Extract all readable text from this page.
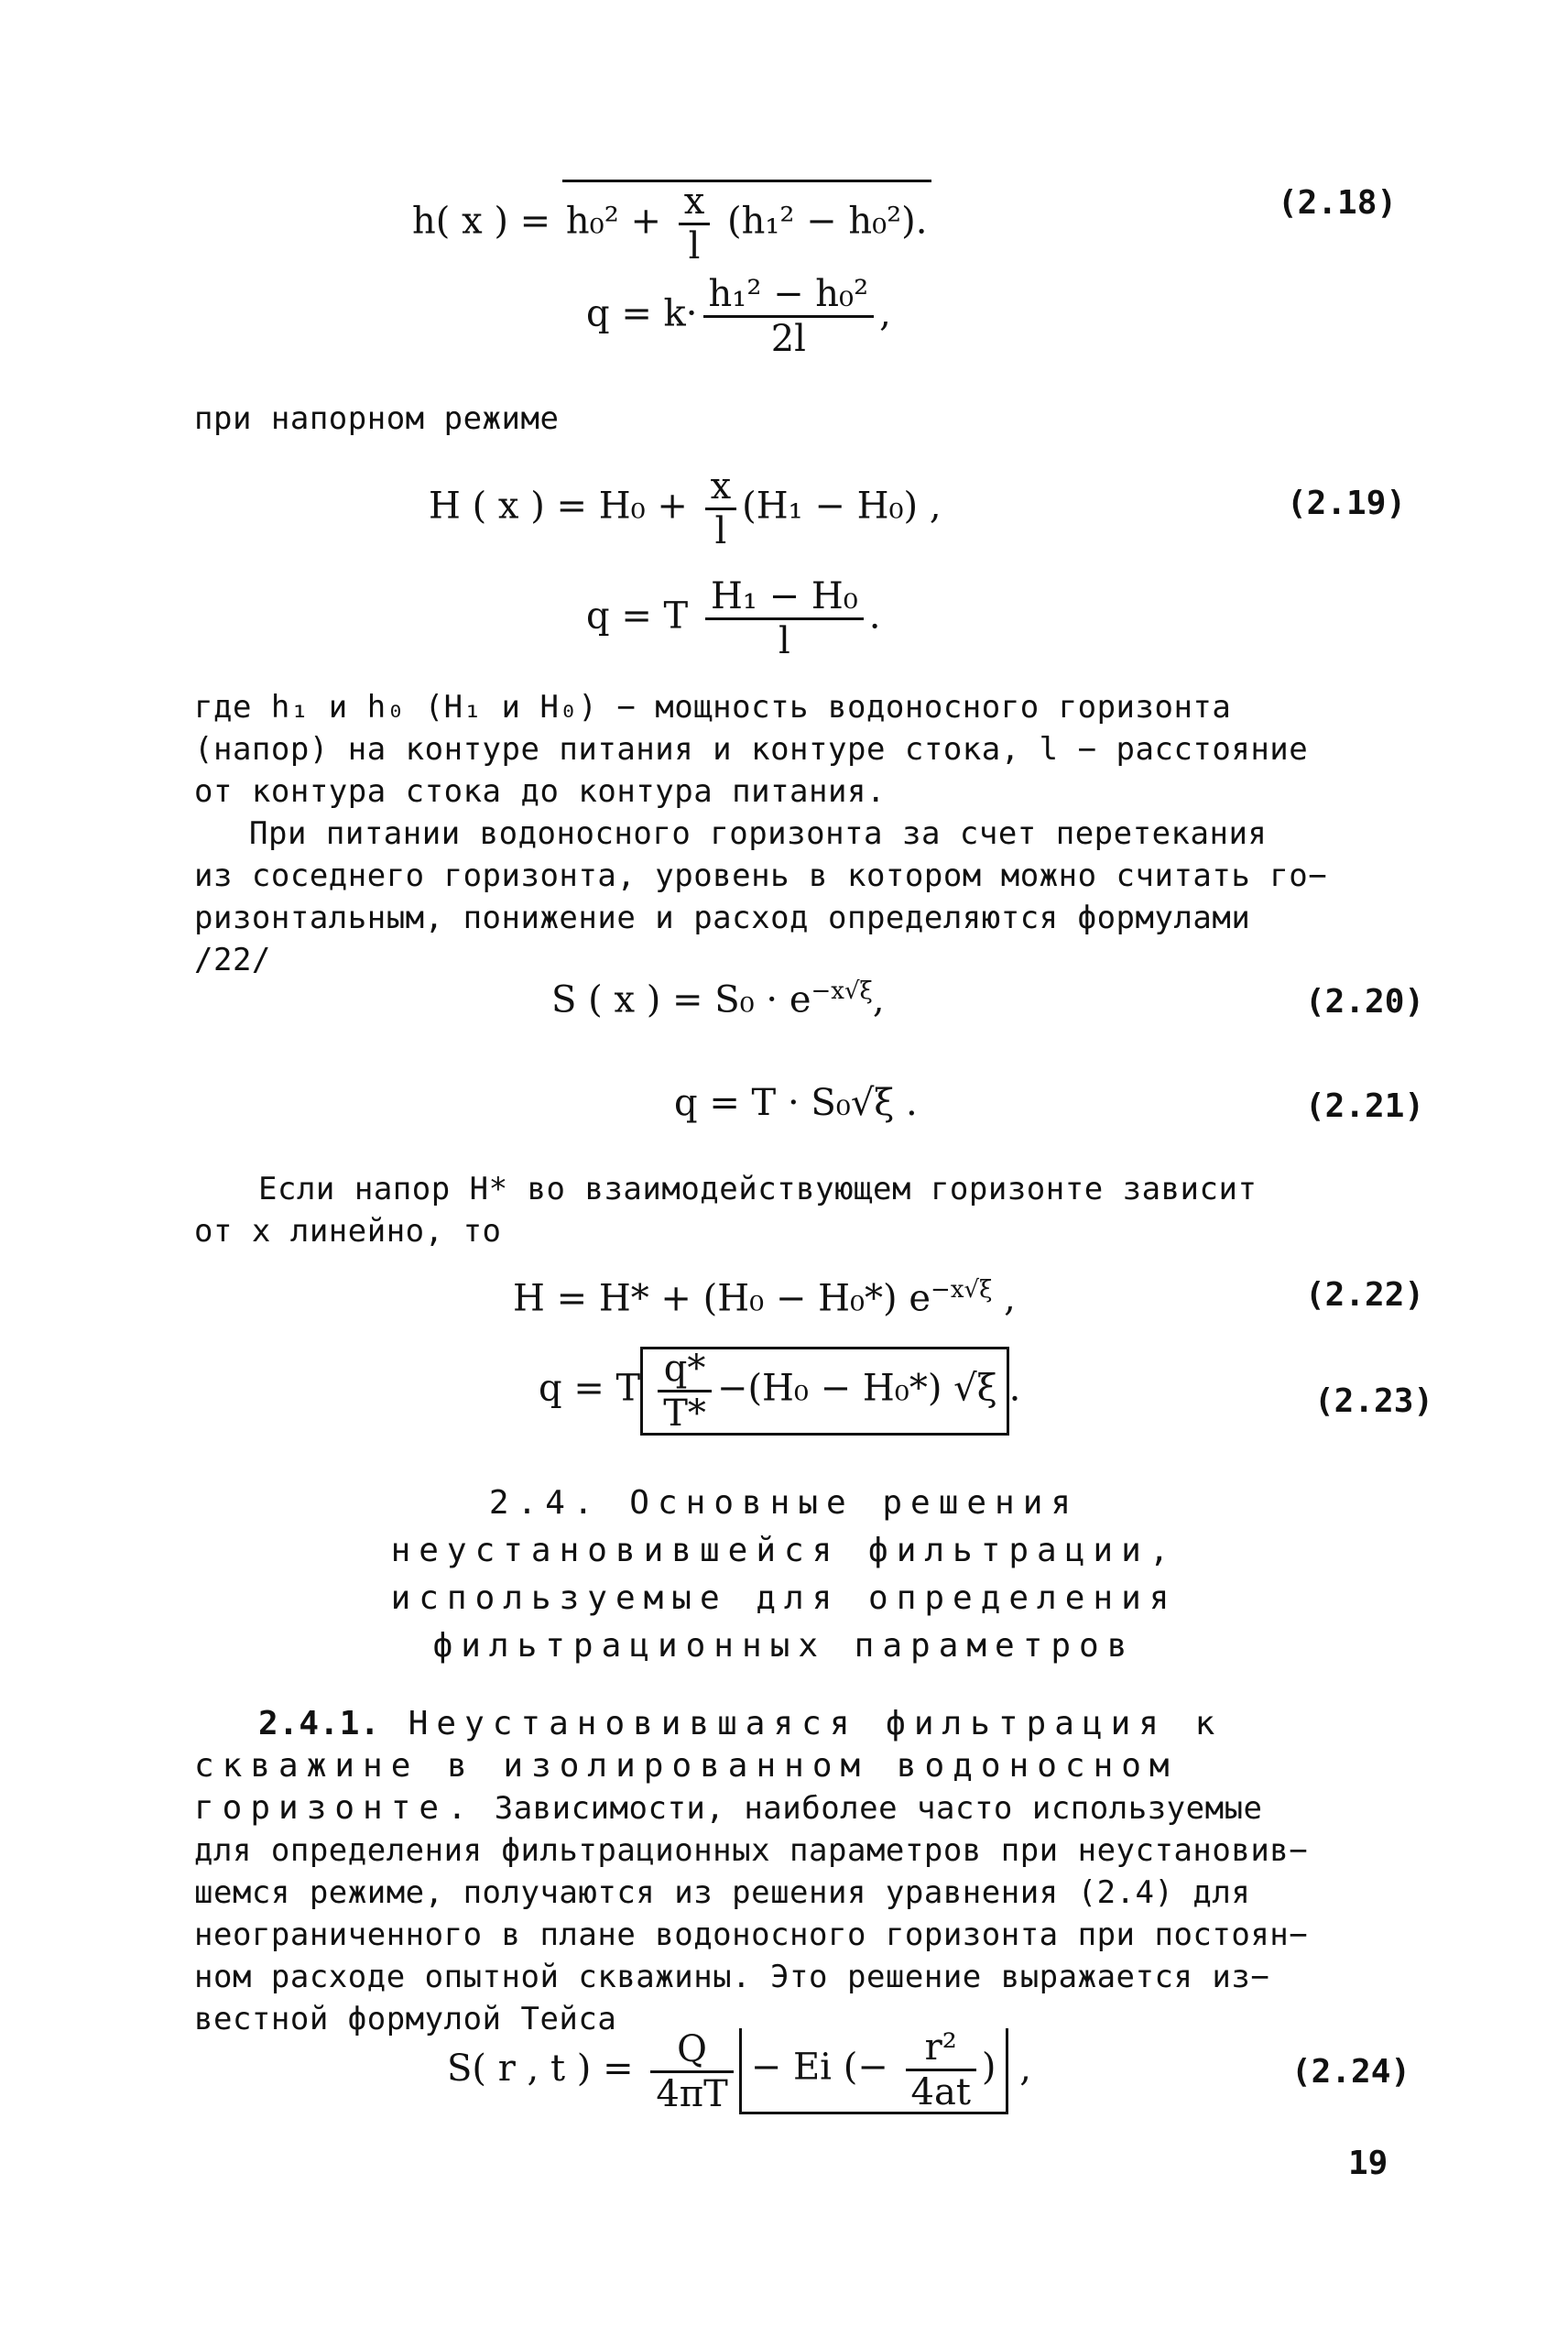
h( x ) = $h_0^2 + \frac{x}{l} (h_1^2 - h_0^2)$.	(2.18)
$q = k\cdot \frac{\text{h₁² − h₀²}}{2l}$ ,
при напорном режиме
H ( x ) = $H_0 + \frac{x}{l} (H_1 - H_0)$ ,	(2.19)
q = T $\frac{\text{H₁ − H₀}}{l}$ .
где h₁ и h₀ (H₁ и H₀) − мощность водоносного горизонта
(напор) на контуре питания и контуре стока, l − расстояние
от контура стока до контура питания.
При питании водоносного горизонта за счет перетекания
из соседнего горизонта, уровень в котором можно считать го−
ризонтальным, понижение и расход определяются формулами
/22/
S ( x ) = $S_0 \cdot e^{-x√\xi}$,	(2.20)
q = T · S₀√ξ .	(2.21)
Если напор H* во взаимодействующем горизонте зависит
от x линейно, то
H = H* + (H₀ − H₀*) $e^{-x√\xi}$ ,	(2.22)
q = T $\frac{q*}{T*} -(H_0 - H_0*)$ √ξ .	(2.23)
2.4. Основные решения
неустановившейся фильтрации,
используемые для определения
фильтрационных параметров
2.4.1. Неустановившаяся фильтрация к
скважине в изолированном водоносном
горизонте. Зависимости, наиболее часто используемые
для определения фильтрационных параметров при неустановив−
шемся режиме, получаются из решения уравнения (2.4) для
неограниченного в плане водоносного горизонта при постоян−
ном расходе опытной скважины. Это решение выражается из−
вестной формулой Тейса
S( r , t ) = $\frac{Q}{4\pi T} - Ei$ (− $\frac{\text{r²}}{4at}$ ) ,	(2.24)
19
